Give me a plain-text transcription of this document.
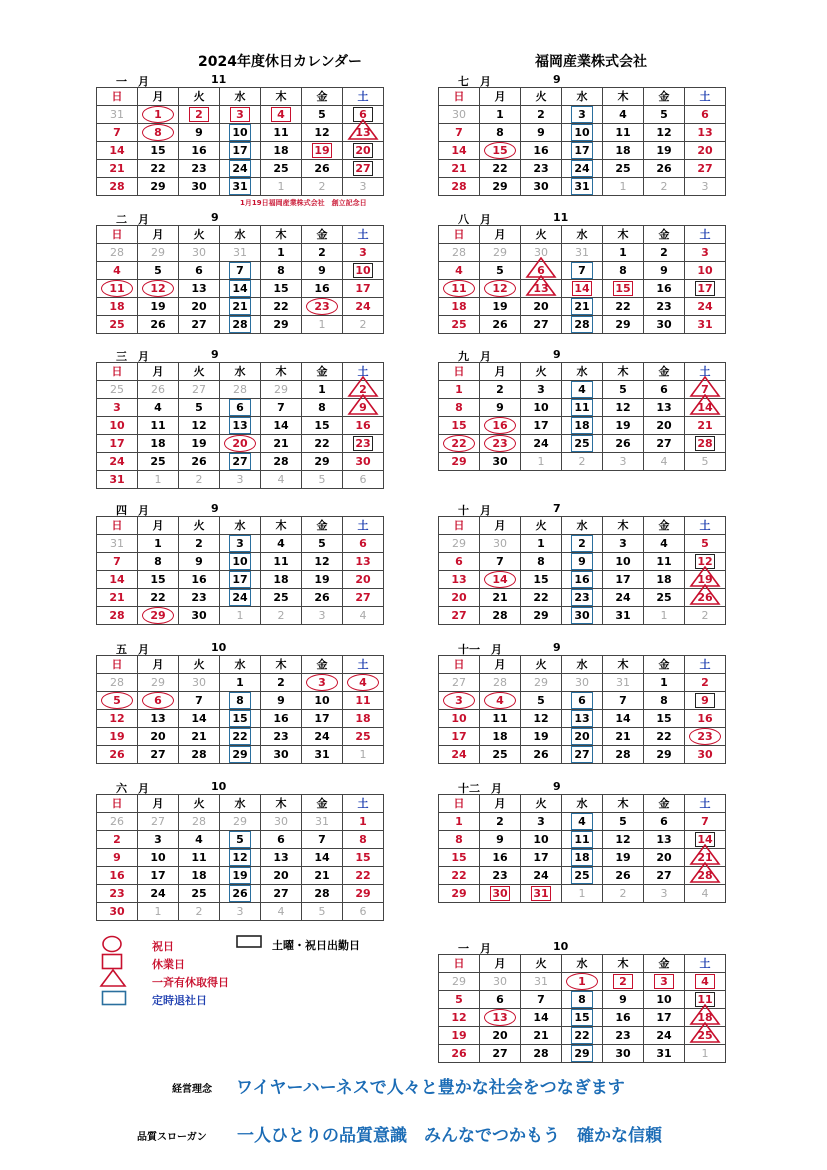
2024年度休日カレンダー	福岡産業株式会社
一　月	11
日	月	火	水	木	金	土
31	1	2	3	4	5	6
7	8	9	10	11	12	13
14	15	16	17	18	19	20
21	22	23	24	25	26	27
28	29	30	31	1	2	3
二　月	9
日	月	火	水	木	金	土
28	29	30	31	1	2	3
4	5	6	7	8	9	10

11	12	13	14	15	16	17
18	19	20	21	22	23	24
25	26	27	28	29	1	2
三　月	9
日	月	火	水	木	金	土
25	26	27	28	29	1	2
3	4	5	6	7	8	9
10	11	12	13	14	15	16
17	18	19	20	21	22	23
24	25	26	27	28	29	30
31	1	2	3	4	5	6
四　月	9
日	月	火	水	木	金	土
31	1	2	3	4	5	6
7	8	9	10	11	12	13
14	15	16	17	18	19	20
21	22	23	24	25	26	27
28	29	30	1	2	3	4
五　月	10
日	月	火	水	木	金	土
28	29	30	1	2	3	4

5	6	7	8	9	10	11
12	13	14	15	16	17	18
19	20	21	22	23	24	25
26	27	28	29	30	31	1
六　月	10
日	月	火	水	木	金	土
26	27	28	29	30	31	1
2	3	4	5	6	7	8
9	10	11	12	13	14	15
16	17	18	19	20	21	22
23	24	25	26	27	28	29
30	1	2	3	4	5	6
七　月	9
日	月	火	水	木	金	土
30	1	2	3	4	5	6
7	8	9	10	11	12	13
14	15	16	17	18	19	20
21	22	23	24	25	26	27
28	29	30	31	1	2	3
八　月	11
日	月	火	水	木	金	土
28	29	30	31	1	2	3
4	5	6	7	8	9	10

11	12	13	14	15	16	17
18	19	20	21	22	23	24
25	26	27	28	29	30	31
九　月	9
日	月	火	水	木	金	土
1	2	3	4	5	6	7
8	9	10	11	12	13	14
15	16	17	18	19	20	21

22	23	24	25	26	27	28
29	30	1	2	3	4	5
十　月	7
日	月	火	水	木	金	土
29	30	1	2	3	4	5
6	7	8	9	10	11	12
13	14	15	16	17	18	19
20	21	22	23	24	25	26
27	28	29	30	31	1	2
十一　月	9
日	月	火	水	木	金	土
27	28	29	30	31	1	2

3	4	5	6	7	8	9
10	11	12	13	14	15	16
17	18	19	20	21	22	23
24	25	26	27	28	29	30
十二　月	9
日	月	火	水	木	金	土
1	2	3	4	5	6	7
8	9	10	11	12	13	14
15	16	17	18	19	20	21
22	23	24	25	26	27	28
29	30	31	1	2	3	4
一　月	10
日	月	火	水	木	金	土
29	30	31	1	2	3	4
5	6	7	8	9	10	11
12	13	14	15	16	17	18
19	20	21	22	23	24	25
26	27	28	29	30	31	1
1月19日福岡産業株式会社　創立記念日
祝日
休業日
一斉有休取得日
定時退社日
土曜・祝日出勤日
経営理念 ワイヤーハーネスで人々と豊かな社会をつなぎます
品質スローガン 一人ひとりの品質意識　みんなでつかもう　確かな信頼
